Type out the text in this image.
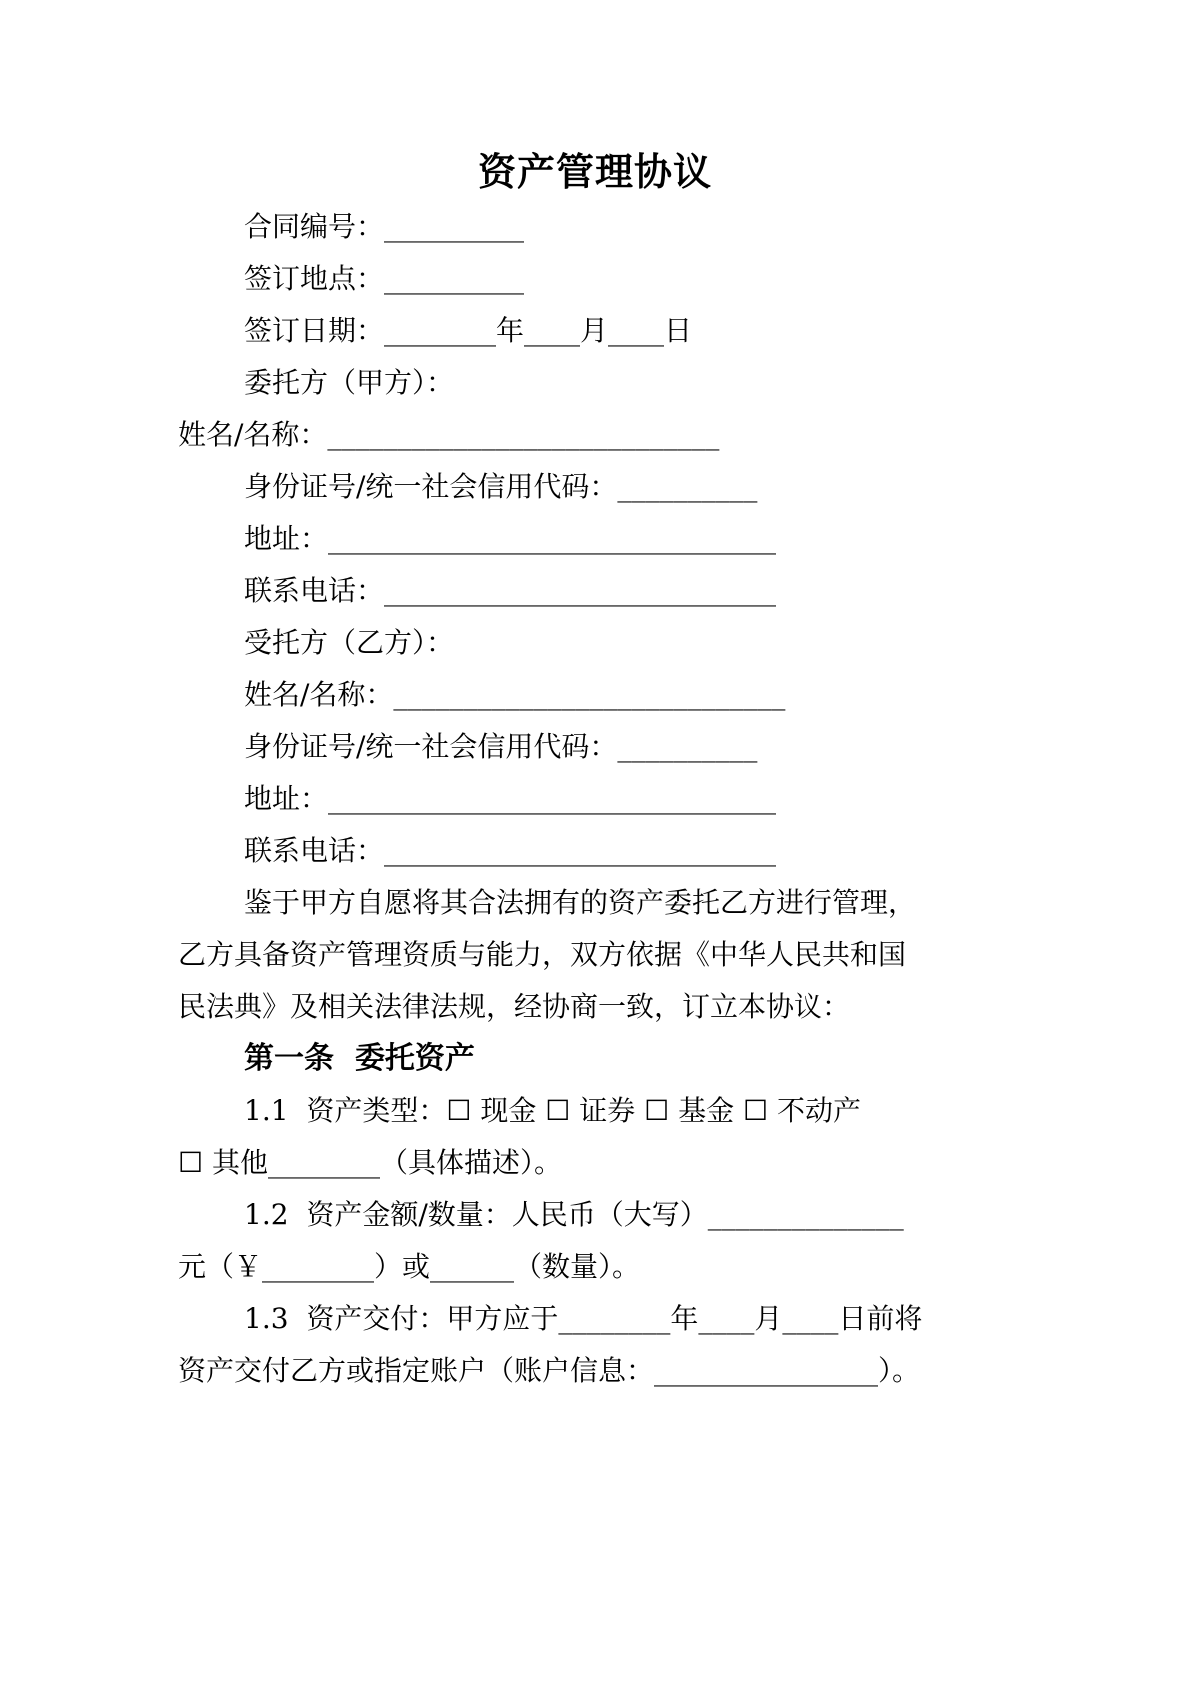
资产管理协议
合同编号：__________
签订地点：__________
签订日期：________年____月____日
委托方（甲方）：
姓名/名称：____________________________
身份证号/统一社会信用代码：__________
地址：________________________________
联系电话：____________________________
受托方（乙方）：
姓名/名称：____________________________
身份证号/统一社会信用代码：__________
地址：________________________________
联系电话：____________________________
鉴于甲方自愿将其合法拥有的资产委托乙方进行管理，
乙方具备资产管理资质与能力，双方依据《中华人民共和国
民法典》及相关法律法规，经协商一致，订立本协议：
第一条  委托资产
1.1  资产类型：☐ 现金 ☐ 证券 ☐ 基金 ☐ 不动产
☐ 其他________（具体描述）。
1.2  资产金额/数量：人民币（大写）______________
元（￥________）或______（数量）。
1.3  资产交付：甲方应于________年____月____日前将
资产交付乙方或指定账户（账户信息：________________）。
